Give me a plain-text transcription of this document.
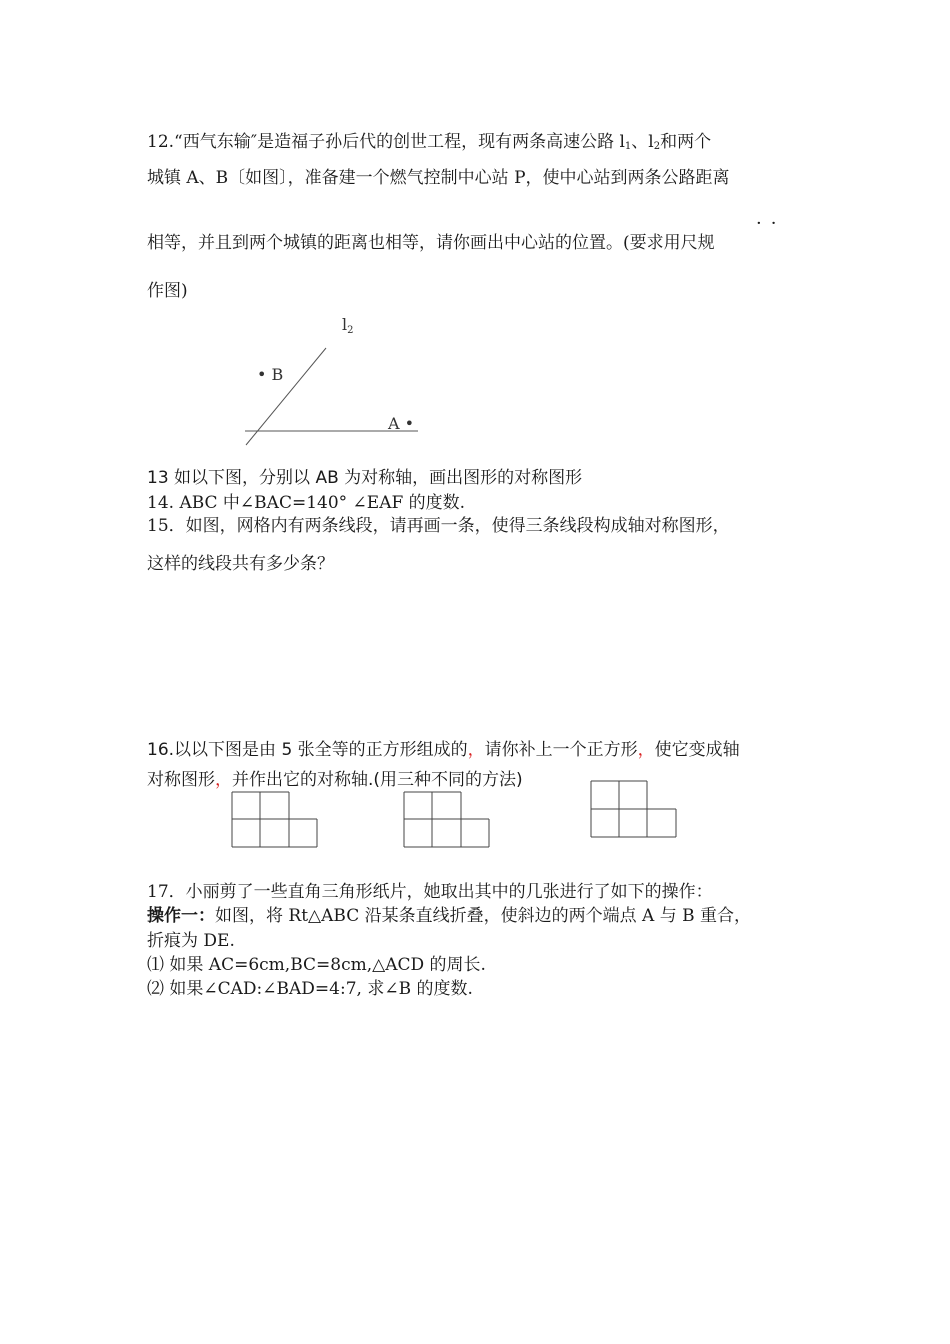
12.“西气东输″是造福子孙后代的创世工程，现有两条高速公路 $l_1$、$l_2$和两个
城镇 A、B〔如图〕，准备建一个燃气控制中心站 P，使中心站到两条公路距离
··
相等，并且到两个城镇的距离也相等，请你画出中心站的位置。(要求用尺规
作图)
l2
• B
A •
13 如以下图，分别以 AB 为对称轴，画出图形的对称图形
14. ABC 中∠BAC=140° ∠EAF 的度数.
15．如图，网格内有两条线段，请再画一条，使得三条线段构成轴对称图形，
这样的线段共有多少条？
16.以以下图是由 5 张全等的正方形组成的，请你补上一个正方形，使它变成轴
对称图形，并作出它的对称轴.(用三种不同的方法)
17．小丽剪了一些直角三角形纸片，她取出其中的几张进行了如下的操作：
操作一：如图，将 Rt△ABC 沿某条直线折叠，使斜边的两个端点 A 与 B 重合，
折痕为 DE.
⑴ 如果 AC=6cm,BC=8cm,△ACD 的周长.
⑵ 如果∠CAD:∠BAD=4:7, 求∠B 的度数.
